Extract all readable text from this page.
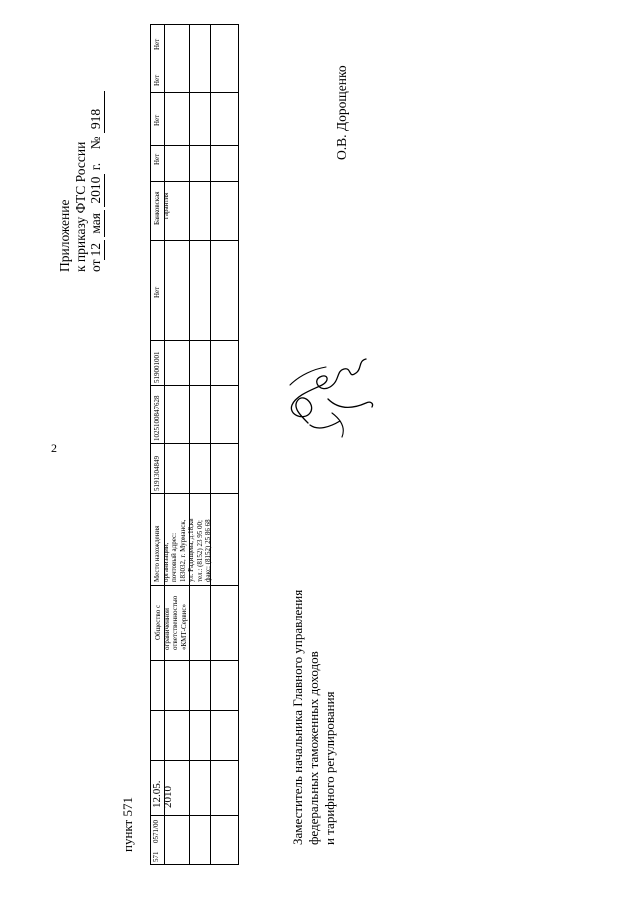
2
Приложение к приказу ФТС России от12 мая 2010 г.    № 918
пункт 571
571
0571/00
12.05. 2010
Общество с ограниченной ответственностью «КМТ-Сервис»
Место нахождения организации, почтовый адрес: 183032, г. Мурманск, ул. Радищева, д.18,кв тел.: (8152) 23 95 00; факс: (8152) 25 86 68
5191304849
1025100847628
519001001
Нет
Банковская гарантия
Нет
Нет
Нет
Нет
О.В. Дорощенко
Заместитель начальника Главного управления федеральных таможенных доходов и тарифного регулирования
